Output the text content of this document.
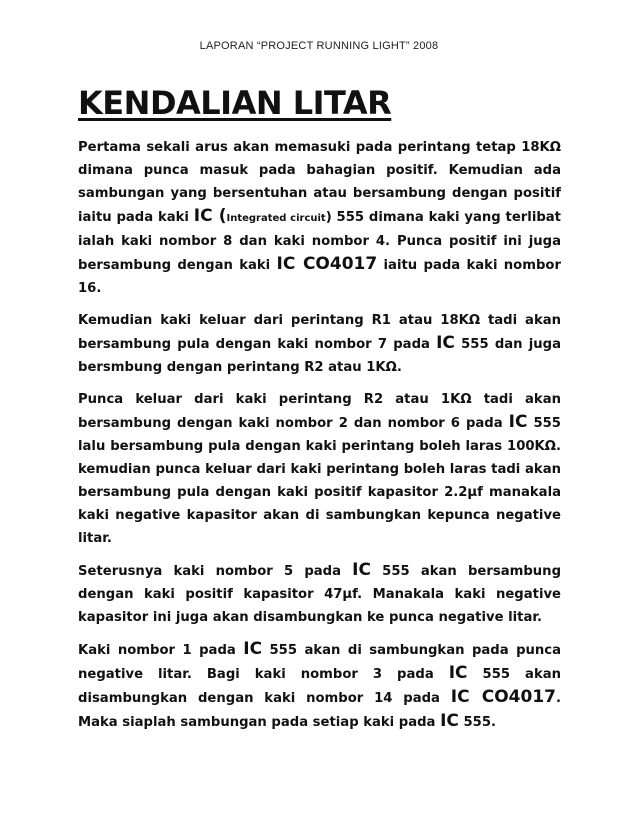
LAPORAN “PROJECT RUNNING LIGHT” 2008
KENDALIAN LITAR

Pertama sekali arus akan memasuki pada perintang tetap 18KΩ dimana punca masuk pada bahagian positif. Kemudian ada sambungan yang bersentuhan atau bersambung dengan positif iaitu pada kaki IC (Integrated circuit) 555 dimana kaki yang terlibat ialah kaki nombor 8 dan kaki nombor 4. Punca positif ini juga bersambung dengan kaki IC CO4017 iaitu pada kaki nombor 16.

Kemudian kaki keluar dari perintang R1 atau 18KΩ tadi akan bersambung pula dengan kaki nombor 7 pada IC 555 dan juga bersmbung dengan perintang R2 atau 1KΩ.

Punca keluar dari kaki perintang R2 atau 1KΩ tadi akan bersambung dengan kaki nombor 2 dan nombor 6 pada IC 555 lalu bersambung pula dengan kaki perintang boleh laras 100KΩ. kemudian punca keluar dari kaki perintang boleh laras tadi akan bersambung pula dengan kaki positif kapasitor 2.2μf manakala kaki negative kapasitor akan di sambungkan kepunca negative litar.

Seterusnya kaki nombor 5 pada IC 555 akan bersambung dengan kaki positif kapasitor 47μf. Manakala kaki negative kapasitor ini juga akan disambungkan ke punca negative litar.

Kaki nombor 1 pada IC 555 akan di sambungkan pada punca negative litar. Bagi kaki nombor 3 pada IC 555 akan disambungkan dengan kaki nombor 14 pada IC CO4017. Maka siaplah sambungan pada setiap kaki pada IC 555.
